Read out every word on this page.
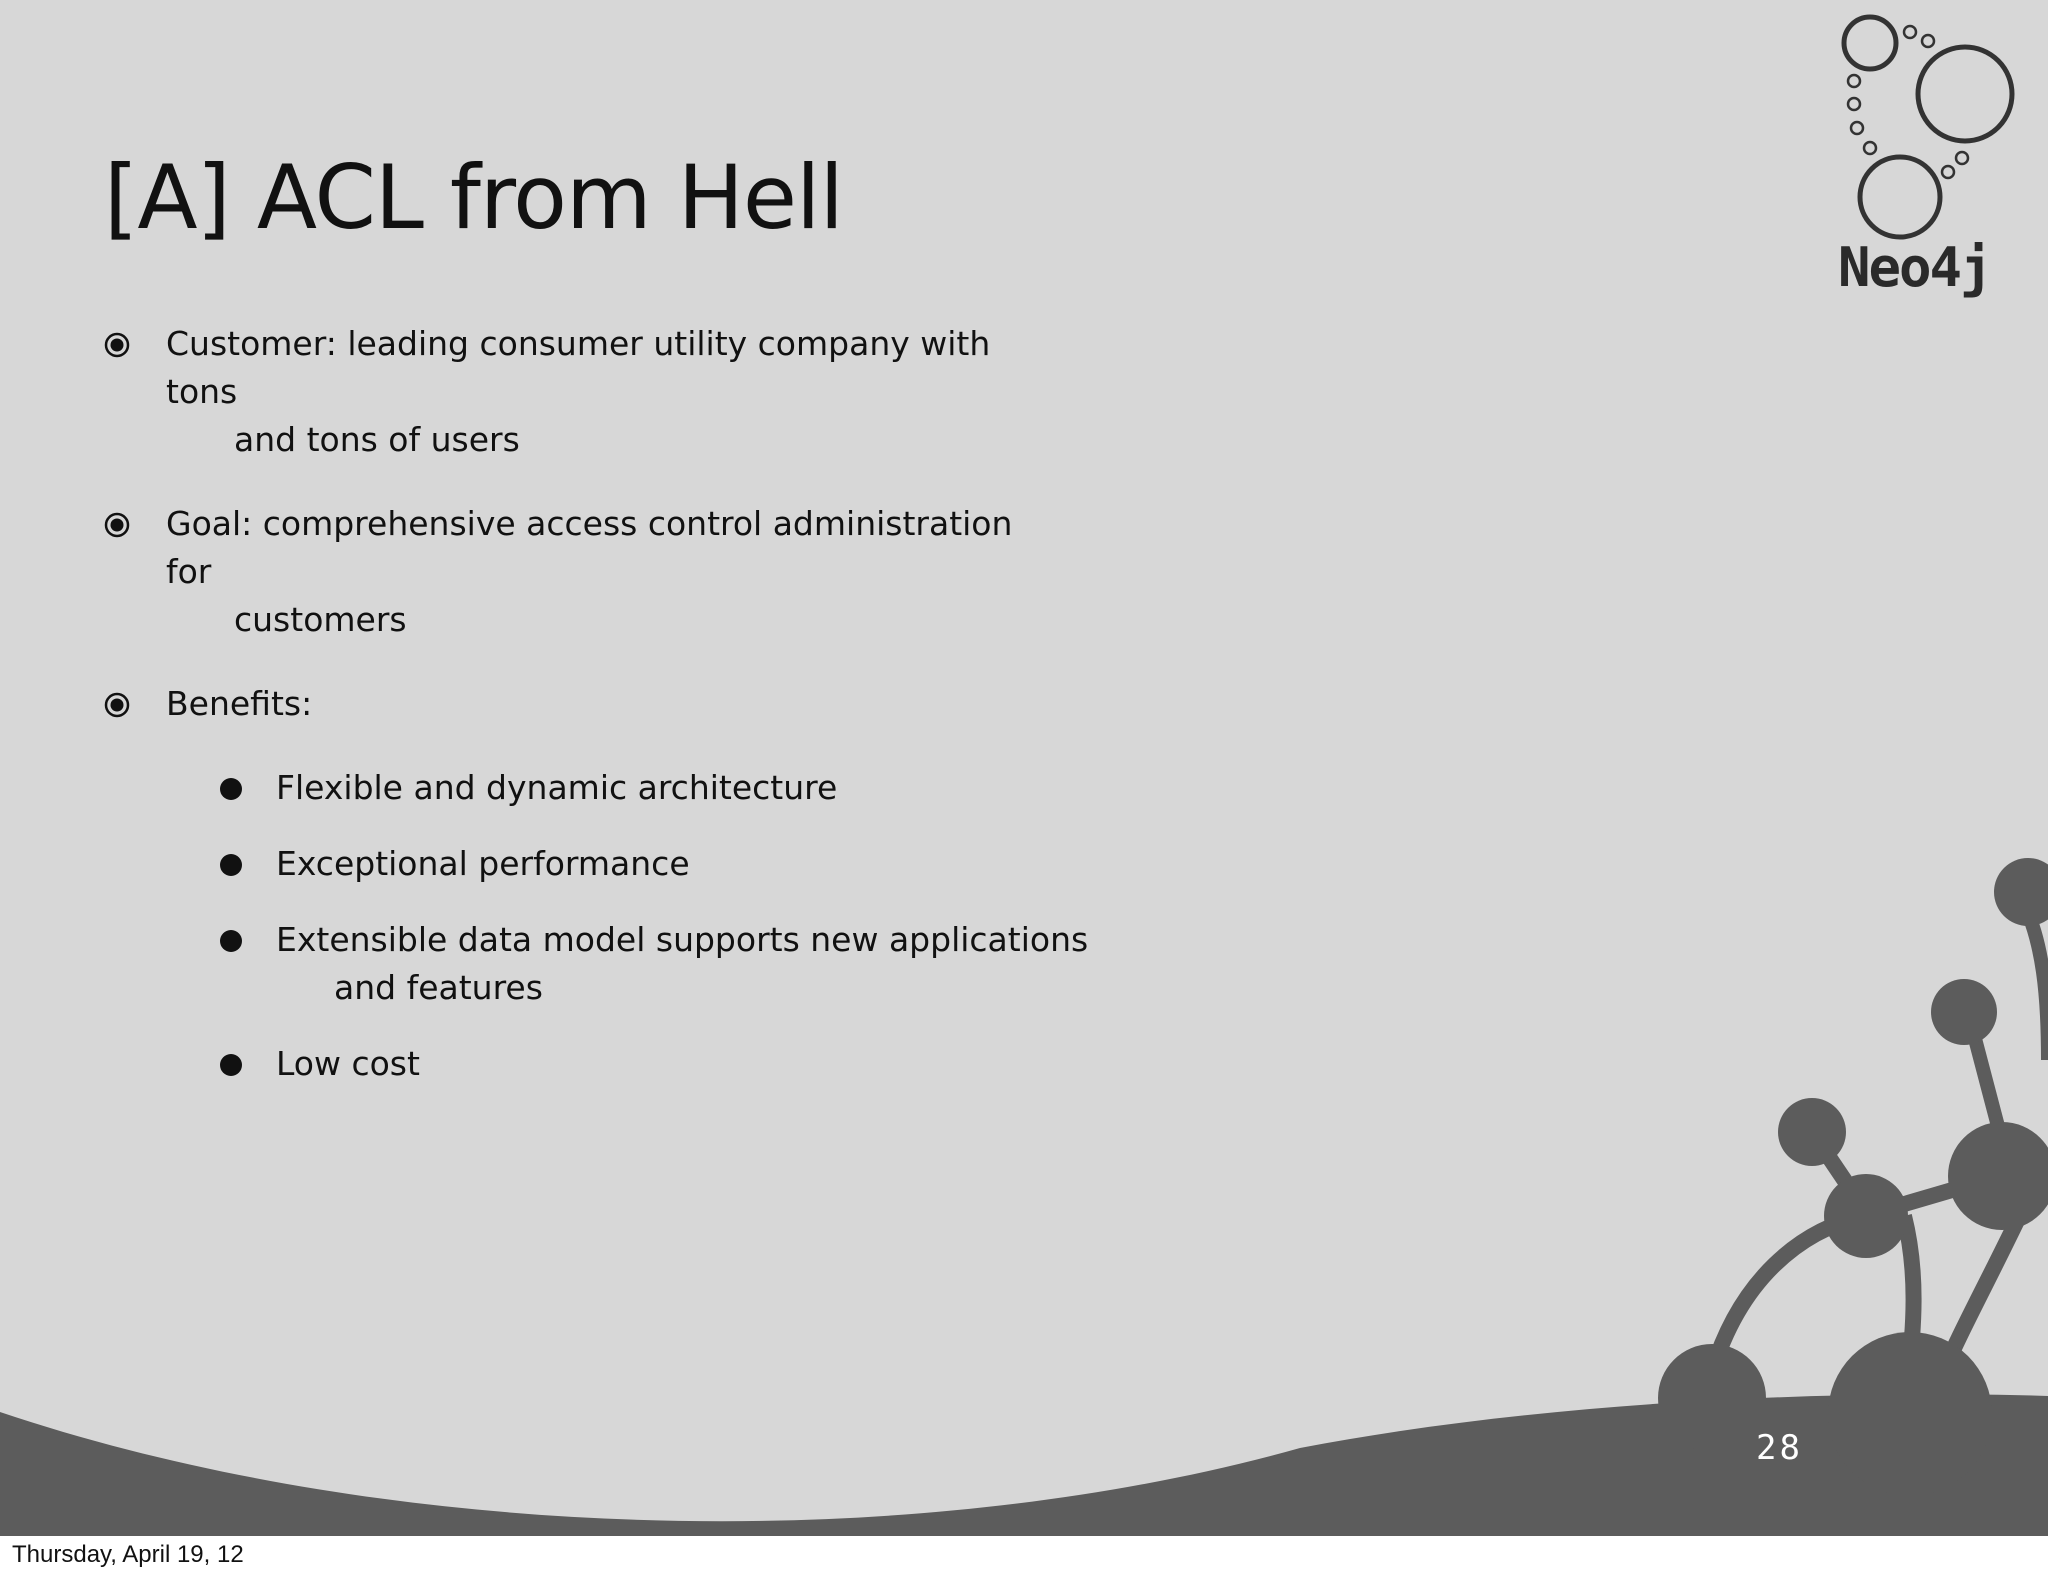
Neo4j
[A] ACL from Hell
Customer: leading consumer utility company with tons
and tons of users
Goal: comprehensive access control administration for
customers
Benefits:
Flexible and dynamic architecture
Exceptional performance
Extensible data model supports new applications
and features
Low cost
28
Thursday, April 19, 12
